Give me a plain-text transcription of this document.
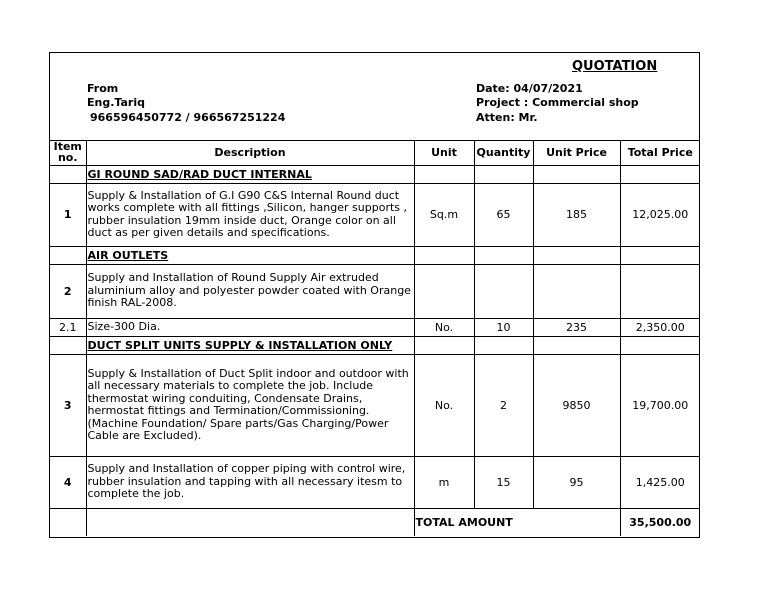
QUOTATION
From
Eng.Tariq
966596450772 / 966567251224
Date: 04/07/2021
Project : Commercial shop
Atten: Mr.
Item no.	Description	Unit	Quantity	Unit Price	Total Price
	GI ROUND SAD/RAD DUCT INTERNAL				
1	Supply & Installation of G.I G90 C&S Internal Round duct works complete with all fittings ,Silicon, hanger supports , rubber insulation 19mm inside duct, Orange color on all duct as per given details and specifications.	Sq.m	65	185	12,025.00
	AIR OUTLETS				
2	Supply and Installation of Round Supply Air extruded aluminium alloy and polyester powder coated with Orange finish RAL-2008.				
2.1	Size-300 Dia.	No.	10	235	2,350.00
	DUCT SPLIT UNITS SUPPLY & INSTALLATION ONLY				
3	Supply & Installation of Duct Split indoor and outdoor with all necessary materials to complete the job. Include thermostat wiring conduiting, Condensate Drains, hermostat fittings and Termination/Commissioning. (Machine Foundation/ Spare parts/Gas Charging/Power Cable are Excluded).	No.	2	9850	19,700.00
4	Supply and Installation of copper piping with control wire, rubber insulation and tapping with all necessary itesm to complete the job.	m	15	95	1,425.00
		TOTAL AMOUNT			35,500.00
